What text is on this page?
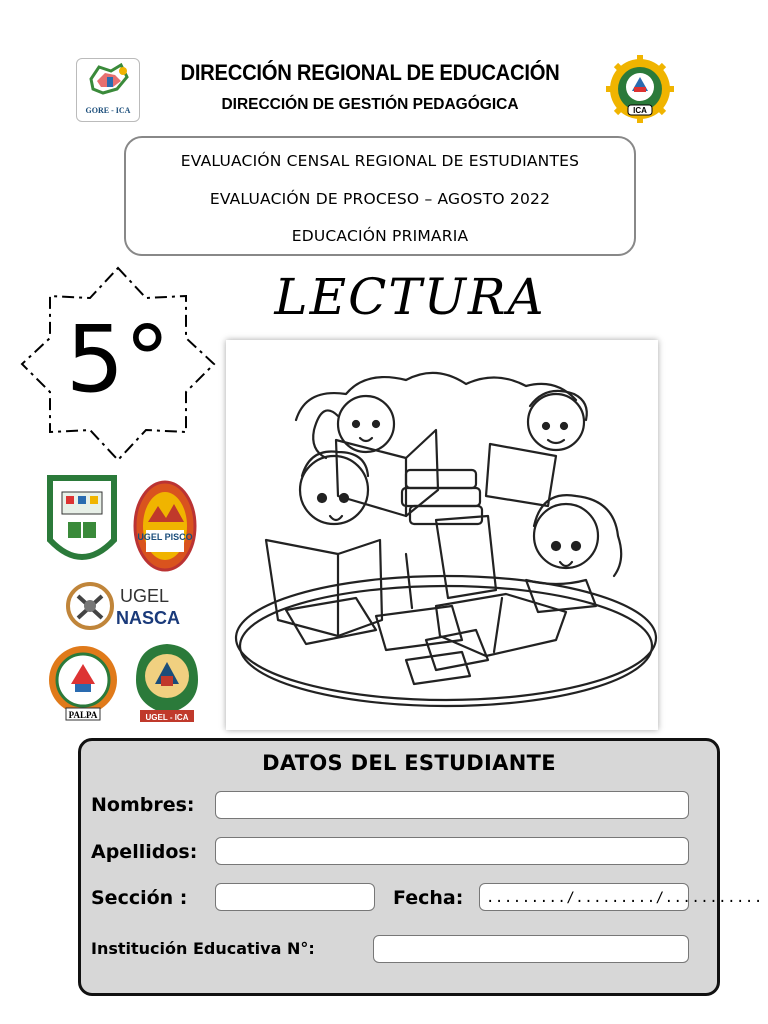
GORE - ICA
DIRECCIÓN REGIONAL DE EDUCACIÓN
DIRECCIÓN DE GESTIÓN PEDAGÓGICA	ICA
EVALUACIÓN CENSAL REGIONAL DE ESTUDIANTES
EVALUACIÓN DE PROCESO – AGOSTO 2022
EDUCACIÓN PRIMARIA
LECTURA
5°
UGEL PISCO
UGEL
NASCA
PALPA	UGEL - ICA
DATOS DEL ESTUDIANTE
Nombres:
Apellidos:
Sección :	Fecha:	........./........./...........
Institución Educativa N°:
